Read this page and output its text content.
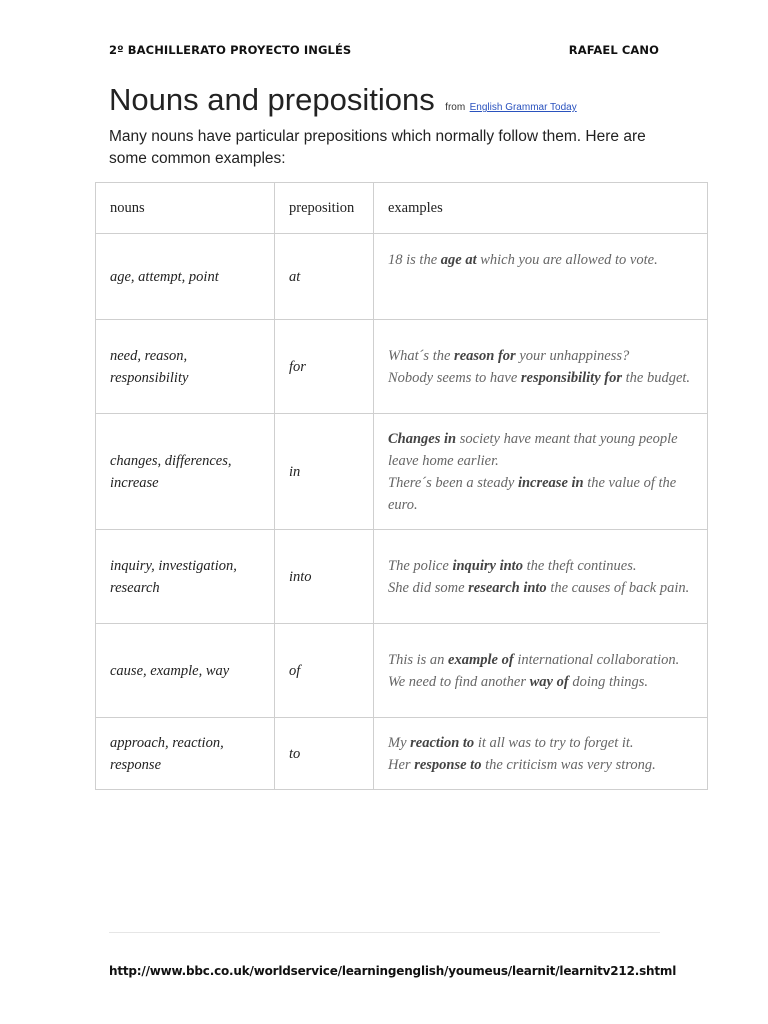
2º BACHILLERATO PROYECTO INGLÉS	RAFAEL CANO
Nouns and prepositions from English Grammar Today
Many nouns have particular prepositions which normally follow them. Here are some common examples:
nouns	preposition	examples
age, attempt, point	at	18 is the age at which you are allowed to vote.

need, reason, responsibility	for	What´s the reason for your unhappiness?
Nobody seems to have responsibility for the budget.

changes, differences, increase	in	Changes in society have meant that young people leave home earlier.
There´s been a steady increase in the value of the euro.

inquiry, investigation, research	into	The police inquiry into the theft continues.
She did some research into the causes of back pain.

cause, example, way	of	This is an example of international collaboration.
We need to find another way of doing things.

approach, reaction, response	to	My reaction to it all was to try to forget it.
Her response to the criticism was very strong.
http://www.bbc.co.uk/worldservice/learningenglish/youmeus/learnit/learnitv212.shtml
